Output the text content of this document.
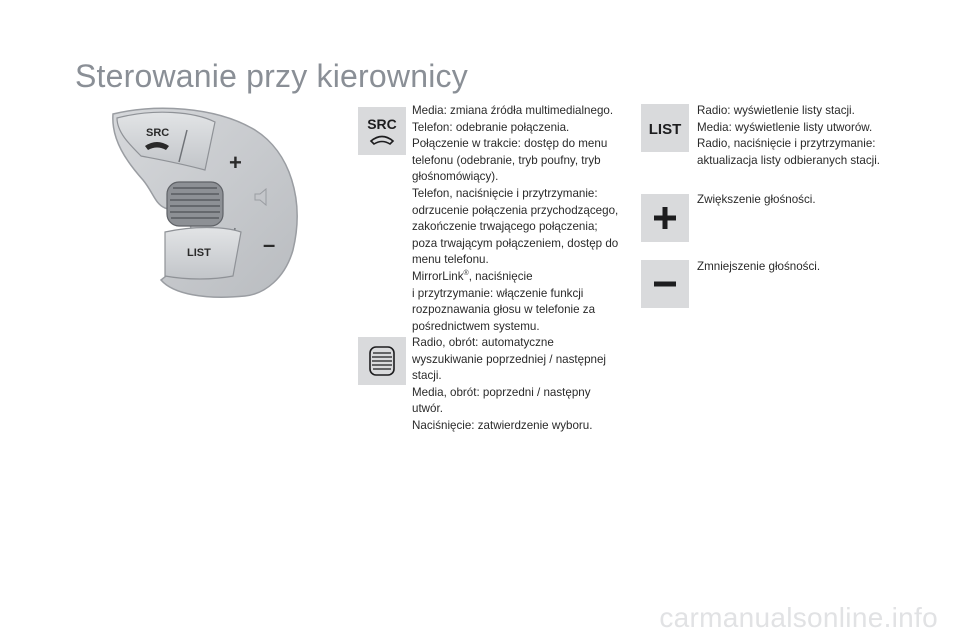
Sterowanie przy kierownicy
SRC
+
–
LIST
SRC
Media: zmiana źródła multimedialnego.
Telefon: odebranie połączenia.
Połączenie w trakcie: dostęp do menu telefonu (odebranie, tryb poufny, tryb głośnomówiący).
Telefon, naciśnięcie i przytrzymanie: odrzucenie połączenia przychodzącego, zakończenie trwającego połączenia; poza trwającym połączeniem, dostęp do menu telefonu.
MirrorLink®, naciśnięcie
i przytrzymanie: włączenie funkcji rozpoznawania głosu w telefonie za pośrednictwem systemu.
Radio, obrót: automatyczne wyszukiwanie poprzedniej / następnej stacji.
Media, obrót: poprzedni / następny utwór.
Naciśnięcie: zatwierdzenie wyboru.
LIST
Radio: wyświetlenie listy stacji.
Media: wyświetlenie listy utworów.
Radio, naciśnięcie i przytrzymanie: aktualizacja listy odbieranych stacji.
Zwiększenie głośności.
Zmniejszenie głośności.
carmanualsonline.info
